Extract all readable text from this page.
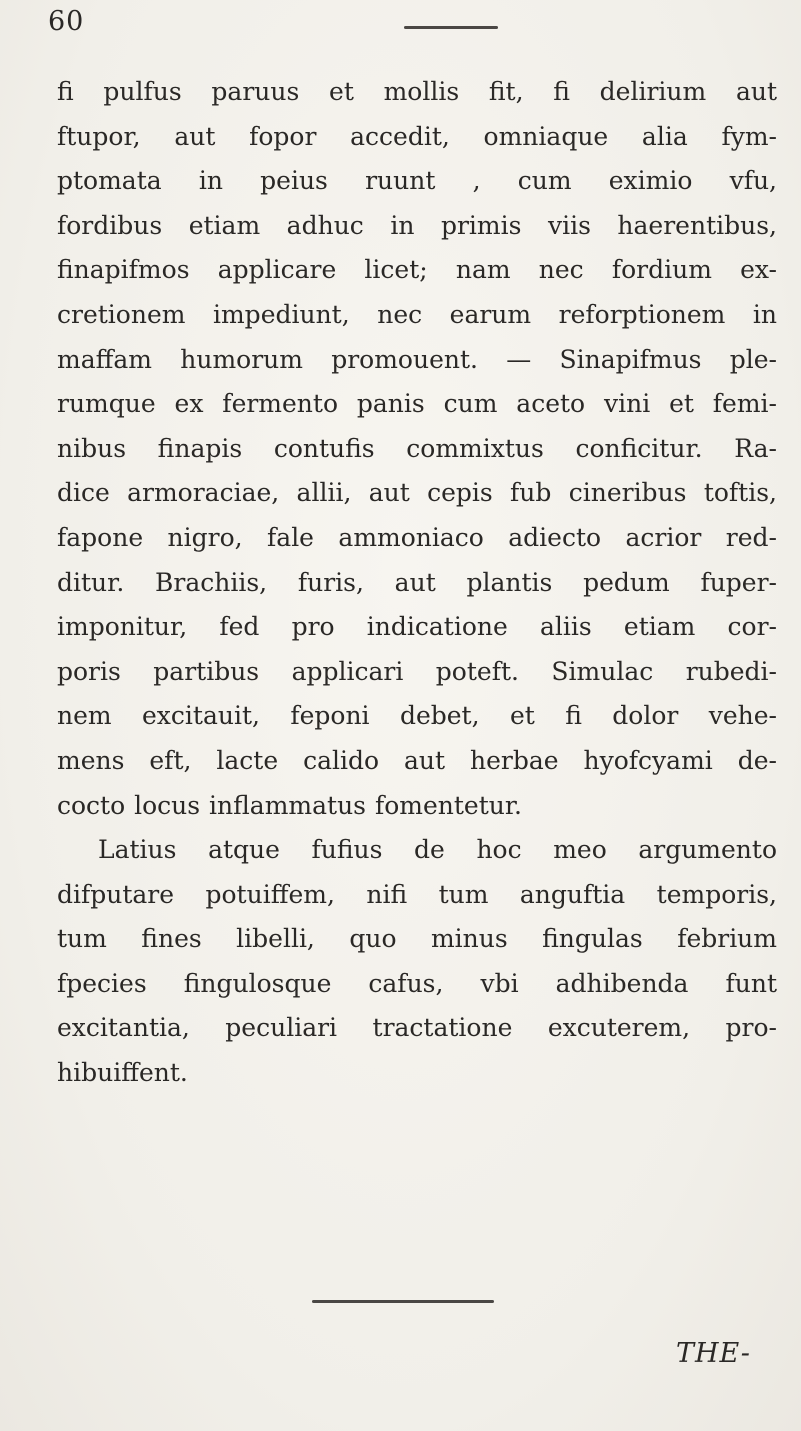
60
fi pulfus paruus et mollis fit, fi delirium aut
ftupor, aut fopor accedit, omniaque alia fym-
ptomata in peius ruunt , cum eximio vfu,
fordibus etiam adhuc in primis viis haerentibus,
finapifmos applicare licet; nam nec fordium ex-
cretionem impediunt, nec earum reforptionem in
maffam humorum promouent. — Sinapifmus ple-
rumque ex fermento panis cum aceto vini et femi-
nibus finapis contufis commixtus conficitur. Ra-
dice armoraciae, allii, aut cepis fub cineribus toftis,
fapone nigro, fale ammoniaco adiecto acrior red-
ditur. Brachiis, furis, aut plantis pedum fuper-
imponitur, fed pro indicatione aliis etiam cor-
poris partibus applicari poteft. Simulac rubedi-
nem excitauit, feponi debet, et fi dolor vehe-
mens eft, lacte calido aut herbae hyofcyami de-
cocto locus inflammatus fomentetur.
Latius atque fufius de hoc meo argumento
difputare potuiffem, nifi tum anguftia temporis,
tum fines libelli, quo minus fingulas febrium
fpecies fingulosque cafus, vbi adhibenda funt
excitantia, peculiari tractatione excuterem, pro-
hibuiffent.
THE-
